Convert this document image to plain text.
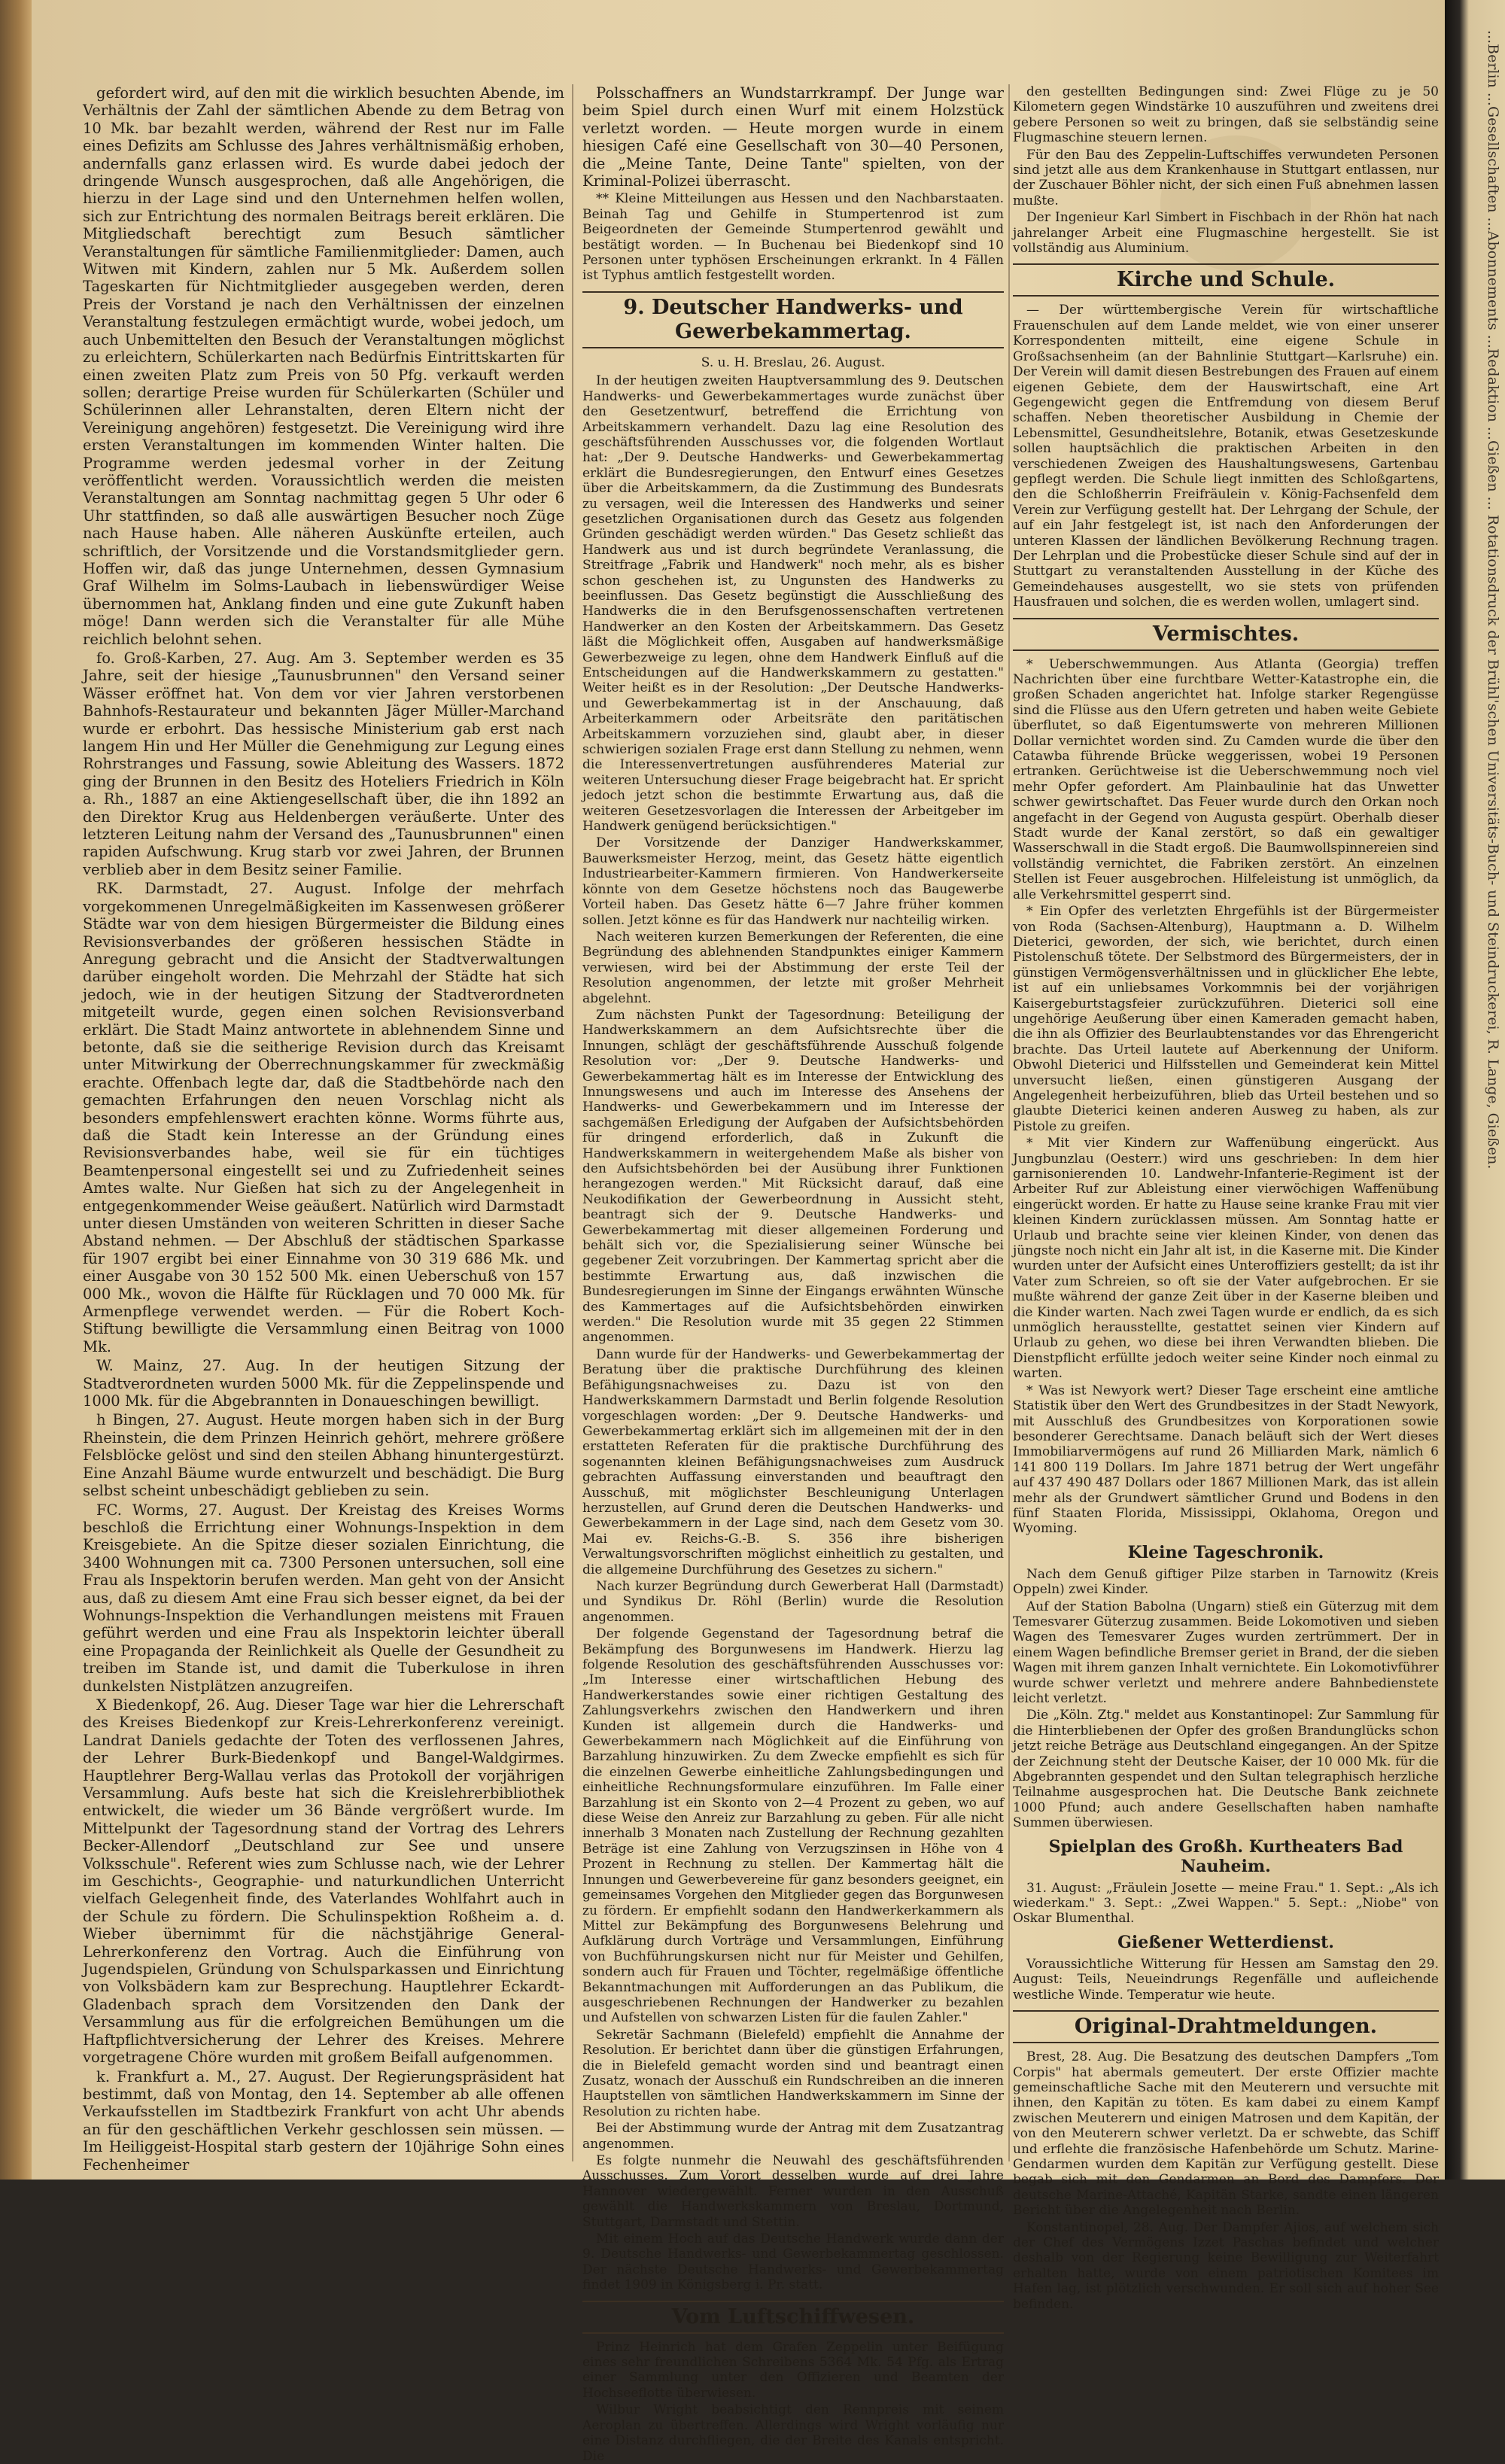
...Berlin ...Gesellschaften ...Abonnements ...Redaktion ...Gießen ... Rotationsdruck der Brühl'schen Universitäts-Buch- und Steindruckerei, R. Lange, Gießen.

gefordert wird, auf den mit die wirklich besuchten Abende, im Verhältnis der Zahl der sämtlichen Abende zu dem Betrag von 10 Mk. bar bezahlt werden, während der Rest nur im Falle eines Defizits am Schlusse des Jahres verhältnismäßig erhoben, andernfalls ganz erlassen wird. Es wurde dabei jedoch der dringende Wunsch ausgesprochen, daß alle Angehörigen, die hierzu in der Lage sind und den Unternehmen helfen wollen, sich zur Entrichtung des normalen Beitrags bereit erklären. Die Mitgliedschaft berechtigt zum Besuch sämtlicher Veranstaltungen für sämtliche Familienmitglieder: Damen, auch Witwen mit Kindern, zahlen nur 5 Mk. Außerdem sollen Tageskarten für Nichtmitglieder ausgegeben werden, deren Preis der Vorstand je nach den Verhältnissen der einzelnen Veranstaltung festzulegen ermächtigt wurde, wobei jedoch, um auch Unbemittelten den Besuch der Veranstaltungen möglichst zu erleichtern, Schülerkarten nach Bedürfnis Eintrittskarten für einen zweiten Platz zum Preis von 50 Pfg. verkauft werden sollen; derartige Preise wurden für Schülerkarten (Schüler und Schülerinnen aller Lehranstalten, deren Eltern nicht der Vereinigung angehören) festgesetzt. Die Vereinigung wird ihre ersten Veranstaltungen im kommenden Winter halten. Die Programme werden jedesmal vorher in der Zeitung veröffentlicht werden. Voraussichtlich werden die meisten Veranstaltungen am Sonntag nachmittag gegen 5 Uhr oder 6 Uhr stattfinden, so daß alle auswärtigen Besucher noch Züge nach Hause haben. Alle näheren Auskünfte erteilen, auch schriftlich, der Vorsitzende und die Vorstandsmitglieder gern. Hoffen wir, daß das junge Unternehmen, dessen Gymnasium Graf Wilhelm im Solms-Laubach in liebenswürdiger Weise übernommen hat, Anklang finden und eine gute Zukunft haben möge! Dann werden sich die Veranstalter für alle Mühe reichlich belohnt sehen.

fo. Groß-Karben, 27. Aug. Am 3. September werden es 35 Jahre, seit der hiesige „Taunusbrunnen" den Versand seiner Wässer eröffnet hat. Von dem vor vier Jahren verstorbenen Bahnhofs-Restaurateur und bekannten Jäger Müller-Marchand wurde er erbohrt. Das hessische Ministerium gab erst nach langem Hin und Her Müller die Genehmigung zur Legung eines Rohrstranges und Fassung, sowie Ableitung des Wassers. 1872 ging der Brunnen in den Besitz des Hoteliers Friedrich in Köln a. Rh., 1887 an eine Aktiengesellschaft über, die ihn 1892 an den Direktor Krug aus Heldenbergen veräußerte. Unter des letzteren Leitung nahm der Versand des „Taunusbrunnen" einen rapiden Aufschwung. Krug starb vor zwei Jahren, der Brunnen verblieb aber in dem Besitz seiner Familie.

RK. Darmstadt, 27. August. Infolge der mehrfach vorgekommenen Unregelmäßigkeiten im Kassenwesen größerer Städte war von dem hiesigen Bürgermeister die Bildung eines Revisionsverbandes der größeren hessischen Städte in Anregung gebracht und die Ansicht der Stadtverwaltungen darüber eingeholt worden. Die Mehrzahl der Städte hat sich jedoch, wie in der heutigen Sitzung der Stadtverordneten mitgeteilt wurde, gegen einen solchen Revisionsverband erklärt. Die Stadt Mainz antwortete in ablehnendem Sinne und betonte, daß sie die seitherige Revision durch das Kreisamt unter Mitwirkung der Oberrechnungskammer für zweckmäßig erachte. Offenbach legte dar, daß die Stadtbehörde nach den gemachten Erfahrungen den neuen Vorschlag nicht als besonders empfehlenswert erachten könne. Worms führte aus, daß die Stadt kein Interesse an der Gründung eines Revisionsverbandes habe, weil sie für ein tüchtiges Beamtenpersonal eingestellt sei und zu Zufriedenheit seines Amtes walte. Nur Gießen hat sich zu der Angelegenheit in entgegenkommender Weise geäußert. Natürlich wird Darmstadt unter diesen Umständen von weiteren Schritten in dieser Sache Abstand nehmen. — Der Abschluß der städtischen Sparkasse für 1907 ergibt bei einer Einnahme von 30 319 686 Mk. und einer Ausgabe von 30 152 500 Mk. einen Ueberschuß von 157 000 Mk., wovon die Hälfte für Rücklagen und 70 000 Mk. für Armenpflege verwendet werden. — Für die Robert Koch-Stiftung bewilligte die Versammlung einen Beitrag von 1000 Mk.

W. Mainz, 27. Aug. In der heutigen Sitzung der Stadtverordneten wurden 5000 Mk. für die Zeppelinspende und 1000 Mk. für die Abgebrannten in Donaueschingen bewilligt.

h Bingen, 27. August. Heute morgen haben sich in der Burg Rheinstein, die dem Prinzen Heinrich gehört, mehrere größere Felsblöcke gelöst und sind den steilen Abhang hinuntergestürzt. Eine Anzahl Bäume wurde entwurzelt und beschädigt. Die Burg selbst scheint unbeschädigt geblieben zu sein.

FC. Worms, 27. August. Der Kreistag des Kreises Worms beschloß die Errichtung einer Wohnungs-Inspektion in dem Kreisgebiete. An die Spitze dieser sozialen Einrichtung, die 3400 Wohnungen mit ca. 7300 Personen untersuchen, soll eine Frau als Inspektorin berufen werden. Man geht von der Ansicht aus, daß zu diesem Amt eine Frau sich besser eignet, da bei der Wohnungs-Inspektion die Verhandlungen meistens mit Frauen geführt werden und eine Frau als Inspektorin leichter überall eine Propaganda der Reinlichkeit als Quelle der Gesundheit zu treiben im Stande ist, und damit die Tuberkulose in ihren dunkelsten Nistplätzen anzugreifen.

X Biedenkopf, 26. Aug. Dieser Tage war hier die Lehrerschaft des Kreises Biedenkopf zur Kreis-Lehrerkonferenz vereinigt. Landrat Daniels gedachte der Toten des verflossenen Jahres, der Lehrer Burk-Biedenkopf und Bangel-Waldgirmes. Hauptlehrer Berg-Wallau verlas das Protokoll der vorjährigen Versammlung. Aufs beste hat sich die Kreislehrerbibliothek entwickelt, die wieder um 36 Bände vergrößert wurde. Im Mittelpunkt der Tagesordnung stand der Vortrag des Lehrers Becker-Allendorf „Deutschland zur See und unsere Volksschule". Referent wies zum Schlusse nach, wie der Lehrer im Geschichts-, Geographie- und naturkundlichen Unterricht vielfach Gelegenheit finde, des Vaterlandes Wohlfahrt auch in der Schule zu fördern. Die Schulinspektion Roßheim a. d. Wieber übernimmt für die nächstjährige General-Lehrerkonferenz den Vortrag. Auch die Einführung von Jugendspielen, Gründung von Schulsparkassen und Einrichtung von Volksbädern kam zur Besprechung. Hauptlehrer Eckardt-Gladenbach sprach dem Vorsitzenden den Dank der Versammlung aus für die erfolgreichen Bemühungen um die Haftpflichtversicherung der Lehrer des Kreises. Mehrere vorgetragene Chöre wurden mit großem Beifall aufgenommen.

k. Frankfurt a. M., 27. August. Der Regierungspräsident hat bestimmt, daß von Montag, den 14. September ab alle offenen Verkaufsstellen im Stadtbezirk Frankfurt von acht Uhr abends an für den geschäftlichen Verkehr geschlossen sein müssen. — Im Heiliggeist-Hospital starb gestern der 10jährige Sohn eines Fechenheimer

Polsschaffners an Wundstarrkrampf. Der Junge war beim Spiel durch einen Wurf mit einem Holzstück verletzt worden. — Heute morgen wurde in einem hiesigen Café eine Gesellschaft von 30—40 Personen, die „Meine Tante, Deine Tante" spielten, von der Kriminal-Polizei überrascht.

** Kleine Mitteilungen aus Hessen und den Nachbarstaaten. Beinah Tag und Gehilfe in Stumpertenrod ist zum Beigeordneten der Gemeinde Stumpertenrod gewählt und bestätigt worden. — In Buchenau bei Biedenkopf sind 10 Personen unter typhösen Erscheinungen erkrankt. In 4 Fällen ist Typhus amtlich festgestellt worden.

9. Deutscher Handwerks- und Gewerbekammertag.

S. u. H. Breslau, 26. August.

In der heutigen zweiten Hauptversammlung des 9. Deutschen Handwerks- und Gewerbekammertages wurde zunächst über den Gesetzentwurf, betreffend die Errichtung von Arbeitskammern verhandelt. Dazu lag eine Resolution des geschäftsführenden Ausschusses vor, die folgenden Wortlaut hat: „Der 9. Deutsche Handwerks- und Gewerbekammertag erklärt die Bundesregierungen, den Entwurf eines Gesetzes über die Arbeitskammern, da die Zustimmung des Bundesrats zu versagen, weil die Interessen des Handwerks und seiner gesetzlichen Organisationen durch das Gesetz aus folgenden Gründen geschädigt werden würden." Das Gesetz schließt das Handwerk aus und ist durch begründete Veranlassung, die Streitfrage „Fabrik und Handwerk" noch mehr, als es bisher schon geschehen ist, zu Ungunsten des Handwerks zu beeinflussen. Das Gesetz begünstigt die Ausschließung des Handwerks die in den Berufsgenossenschaften vertretenen Handwerker an den Kosten der Arbeitskammern. Das Gesetz läßt die Möglichkeit offen, Ausgaben auf handwerksmäßige Gewerbezweige zu legen, ohne dem Handwerk Einfluß auf die Entscheidungen auf die Handwerkskammern zu gestatten." Weiter heißt es in der Resolution: „Der Deutsche Handwerks- und Gewerbekammertag ist in der Anschauung, daß Arbeiterkammern oder Arbeitsräte den paritätischen Arbeitskammern vorzuziehen sind, glaubt aber, in dieser schwierigen sozialen Frage erst dann Stellung zu nehmen, wenn die Interessenvertretungen ausführenderes Material zur weiteren Untersuchung dieser Frage beigebracht hat. Er spricht jedoch jetzt schon die bestimmte Erwartung aus, daß die weiteren Gesetzesvorlagen die Interessen der Arbeitgeber im Handwerk genügend berücksichtigen."

Der Vorsitzende der Danziger Handwerkskammer, Bauwerksmeister Herzog, meint, das Gesetz hätte eigentlich Industriearbeiter-Kammern firmieren. Von Handwerkerseite könnte von dem Gesetze höchstens noch das Baugewerbe Vorteil haben. Das Gesetz hätte 6—7 Jahre früher kommen sollen. Jetzt könne es für das Handwerk nur nachteilig wirken.

Nach weiteren kurzen Bemerkungen der Referenten, die eine Begründung des ablehnenden Standpunktes einiger Kammern verwiesen, wird bei der Abstimmung der erste Teil der Resolution angenommen, der letzte mit großer Mehrheit abgelehnt.

Zum nächsten Punkt der Tagesordnung: Beteiligung der Handwerkskammern an dem Aufsichtsrechte über die Innungen, schlägt der geschäftsführende Ausschuß folgende Resolution vor: „Der 9. Deutsche Handwerks- und Gewerbekammertag hält es im Interesse der Entwicklung des Innungswesens und auch im Interesse des Ansehens der Handwerks- und Gewerbekammern und im Interesse der sachgemäßen Erledigung der Aufgaben der Aufsichtsbehörden für dringend erforderlich, daß in Zukunft die Handwerkskammern in weitergehendem Maße als bisher von den Aufsichtsbehörden bei der Ausübung ihrer Funktionen herangezogen werden." Mit Rücksicht darauf, daß eine Neukodifikation der Gewerbeordnung in Aussicht steht, beantragt sich der 9. Deutsche Handwerks- und Gewerbekammertag mit dieser allgemeinen Forderung und behält sich vor, die Spezialisierung seiner Wünsche bei gegebener Zeit vorzubringen. Der Kammertag spricht aber die bestimmte Erwartung aus, daß inzwischen die Bundesregierungen im Sinne der Eingangs erwähnten Wünsche des Kammertages auf die Aufsichtsbehörden einwirken werden." Die Resolution wurde mit 35 gegen 22 Stimmen angenommen.

Dann wurde für der Handwerks- und Gewerbekammertag der Beratung über die praktische Durchführung des kleinen Befähigungsnachweises zu. Dazu ist von den Handwerkskammern Darmstadt und Berlin folgende Resolution vorgeschlagen worden: „Der 9. Deutsche Handwerks- und Gewerbekammertag erklärt sich im allgemeinen mit der in den erstatteten Referaten für die praktische Durchführung des sogenannten kleinen Befähigungsnachweises zum Ausdruck gebrachten Auffassung einverstanden und beauftragt den Ausschuß, mit möglichster Beschleunigung Unterlagen herzustellen, auf Grund deren die Deutschen Handwerks- und Gewerbekammern in der Lage sind, nach dem Gesetz vom 30. Mai ev. Reichs-G.-B. S. 356 ihre bisherigen Verwaltungsvorschriften möglichst einheitlich zu gestalten, und die allgemeine Durchführung des Gesetzes zu sichern."

Nach kurzer Begründung durch Gewerberat Hall (Darmstadt) und Syndikus Dr. Röhl (Berlin) wurde die Resolution angenommen.

Der folgende Gegenstand der Tagesordnung betraf die Bekämpfung des Borgunwesens im Handwerk. Hierzu lag folgende Resolution des geschäftsführenden Ausschusses vor: „Im Interesse einer wirtschaftlichen Hebung des Handwerkerstandes sowie einer richtigen Gestaltung des Zahlungsverkehrs zwischen den Handwerkern und ihren Kunden ist allgemein durch die Handwerks- und Gewerbekammern nach Möglichkeit auf die Einführung von Barzahlung hinzuwirken. Zu dem Zwecke empfiehlt es sich für die einzelnen Gewerbe einheitliche Zahlungsbedingungen und einheitliche Rechnungsformulare einzuführen. Im Falle einer Barzahlung ist ein Skonto von 2—4 Prozent zu geben, wo auf diese Weise den Anreiz zur Barzahlung zu geben. Für alle nicht innerhalb 3 Monaten nach Zustellung der Rechnung gezahlten Beträge ist eine Zahlung von Verzugszinsen in Höhe von 4 Prozent in Rechnung zu stellen. Der Kammertag hält die Innungen und Gewerbevereine für ganz besonders geeignet, ein gemeinsames Vorgehen den Mitglieder gegen das Borgunwesen zu fördern. Er empfiehlt sodann den Handwerkerkammern als Mittel zur Bekämpfung des Borgunwesens Belehrung und Aufklärung durch Vorträge und Versammlungen, Einführung von Buchführungskursen nicht nur für Meister und Gehilfen, sondern auch für Frauen und Töchter, regelmäßige öffentliche Bekanntmachungen mit Aufforderungen an das Publikum, die ausgeschriebenen Rechnungen der Handwerker zu bezahlen und Aufstellen von schwarzen Listen für die faulen Zahler."

Sekretär Sachmann (Bielefeld) empfiehlt die Annahme der Resolution. Er berichtet dann über die günstigen Erfahrungen, die in Bielefeld gemacht worden sind und beantragt einen Zusatz, wonach der Ausschuß ein Rundschreiben an die inneren Hauptstellen von sämtlichen Handwerkskammern im Sinne der Resolution zu richten habe.

Bei der Abstimmung wurde der Antrag mit dem Zusatzantrag angenommen.

Es folgte nunmehr die Neuwahl des geschäftsführenden Ausschusses. Zum Vorort desselben wurde auf drei Jahre Hannover wiedergewählt. Ferner wurden in den Ausschuß gewählt die Handwerkskammern von Breslau, Dortmund, Stuttgart, Darmstadt und Stettin.

Mit einem Hoch auf das Deutsche Handwerk wurde dann der 9. Deutsche Handwerks- und Gewerbekammertag geschlossen. Der nächste Deutsche Handwerks- und Gewerbekammertag findet 1909 in Königsberg i. Pr. statt.

Vom Luftschiffwesen.

Prinz Heinrich hat dem Grafen Zeppelin unter Beifügung eines sehr freundlichen Schreibens 5364 Mk. 54 Pfg. als Ertrag einer Sammlung unter den Offizieren und Beamten der Hochseeflotte überwiesen.

Wilbur Wright beabsichtigt den Rennpreis mit seinem Aeroplan zu übertreffen. Allerdings wird Wright vorläufig nur eine Distanz durchfliegen, die der Breite des Kanals entspricht. Die

den gestellten Bedingungen sind: Zwei Flüge zu je 50 Kilometern gegen Windstärke 10 auszuführen und zweitens drei gebere Personen so weit zu bringen, daß sie selbständig seine Flugmaschine steuern lernen.

Für den Bau des Zeppelin-Luftschiffes verwundeten Personen sind jetzt alle aus dem Krankenhause in Stuttgart entlassen, nur der Zuschauer Böhler nicht, der sich einen Fuß abnehmen lassen mußte.

Der Ingenieur Karl Simbert in Fischbach in der Rhön hat nach jahrelanger Arbeit eine Flugmaschine hergestellt. Sie ist vollständig aus Aluminium.

Kirche und Schule.

— Der württembergische Verein für wirtschaftliche Frauenschulen auf dem Lande meldet, wie von einer unserer Korrespondenten mitteilt, eine eigene Schule in Großsachsenheim (an der Bahnlinie Stuttgart—Karlsruhe) ein. Der Verein will damit diesen Bestrebungen des Frauen auf einem eigenen Gebiete, dem der Hauswirtschaft, eine Art Gegengewicht gegen die Entfremdung von diesem Beruf schaffen. Neben theoretischer Ausbildung in Chemie der Lebensmittel, Gesundheitslehre, Botanik, etwas Gesetzeskunde sollen hauptsächlich die praktischen Arbeiten in den verschiedenen Zweigen des Haushaltungswesens, Gartenbau gepflegt werden. Die Schule liegt inmitten des Schloßgartens, den die Schloßherrin Freifräulein v. König-Fachsenfeld dem Verein zur Verfügung gestellt hat. Der Lehrgang der Schule, der auf ein Jahr festgelegt ist, ist nach den Anforderungen der unteren Klassen der ländlichen Bevölkerung Rechnung tragen. Der Lehrplan und die Probestücke dieser Schule sind auf der in Stuttgart zu veranstaltenden Ausstellung in der Küche des Gemeindehauses ausgestellt, wo sie stets von prüfenden Hausfrauen und solchen, die es werden wollen, umlagert sind.

Vermischtes.

* Ueberschwemmungen. Aus Atlanta (Georgia) treffen Nachrichten über eine furchtbare Wetter-Katastrophe ein, die großen Schaden angerichtet hat. Infolge starker Regengüsse sind die Flüsse aus den Ufern getreten und haben weite Gebiete überflutet, so daß Eigentumswerte von mehreren Millionen Dollar vernichtet worden sind. Zu Camden wurde die über den Catawba führende Brücke weggerissen, wobei 19 Personen ertranken. Gerüchtweise ist die Ueberschwemmung noch viel mehr Opfer gefordert. Am Plainbaulinie hat das Unwetter schwer gewirtschaftet. Das Feuer wurde durch den Orkan noch angefacht in der Gegend von Augusta gespürt. Oberhalb dieser Stadt wurde der Kanal zerstört, so daß ein gewaltiger Wasserschwall in die Stadt ergoß. Die Baumwollspinnereien sind vollständig vernichtet, die Fabriken zerstört. An einzelnen Stellen ist Feuer ausgebrochen. Hilfeleistung ist unmöglich, da alle Verkehrsmittel gesperrt sind.

* Ein Opfer des verletzten Ehrgefühls ist der Bürgermeister von Roda (Sachsen-Altenburg), Hauptmann a. D. Wilhelm Dieterici, geworden, der sich, wie berichtet, durch einen Pistolenschuß tötete. Der Selbstmord des Bürgermeisters, der in günstigen Vermögensverhältnissen und in glücklicher Ehe lebte, ist auf ein unliebsames Vorkommnis bei der vorjährigen Kaisergeburtstagsfeier zurückzuführen. Dieterici soll eine ungehörige Aeußerung über einen Kameraden gemacht haben, die ihn als Offizier des Beurlaubtenstandes vor das Ehrengericht brachte. Das Urteil lautete auf Aberkennung der Uniform. Obwohl Dieterici und Hilfsstellen und Gemeinderat kein Mittel unversucht ließen, einen günstigeren Ausgang der Angelegenheit herbeizuführen, blieb das Urteil bestehen und so glaubte Dieterici keinen anderen Ausweg zu haben, als zur Pistole zu greifen.

* Mit vier Kindern zur Waffenübung eingerückt. Aus Jungbunzlau (Oesterr.) wird uns geschrieben: In dem hier garnisonierenden 10. Landwehr-Infanterie-Regiment ist der Arbeiter Ruf zur Ableistung einer vierwöchigen Waffenübung eingerückt worden. Er hatte zu Hause seine kranke Frau mit vier kleinen Kindern zurücklassen müssen. Am Sonntag hatte er Urlaub und brachte seine vier kleinen Kinder, von denen das jüngste noch nicht ein Jahr alt ist, in die Kaserne mit. Die Kinder wurden unter der Aufsicht eines Unteroffiziers gestellt; da ist ihr Vater zum Schreien, so oft sie der Vater aufgebrochen. Er sie mußte während der ganze Zeit über in der Kaserne bleiben und die Kinder warten. Nach zwei Tagen wurde er endlich, da es sich unmöglich herausstellte, gestattet seinen vier Kindern auf Urlaub zu gehen, wo diese bei ihren Verwandten blieben. Die Dienstpflicht erfüllte jedoch weiter seine Kinder noch einmal zu warten.

* Was ist Newyork wert? Dieser Tage erscheint eine amtliche Statistik über den Wert des Grundbesitzes in der Stadt Newyork, mit Ausschluß des Grundbesitzes von Korporationen sowie besonderer Gerechtsame. Danach beläuft sich der Wert dieses Immobiliarvermögens auf rund 26 Milliarden Mark, nämlich 6 141 800 119 Dollars. Im Jahre 1871 betrug der Wert ungefähr auf 437 490 487 Dollars oder 1867 Millionen Mark, das ist allein mehr als der Grundwert sämtlicher Grund und Bodens in den fünf Staaten Florida, Mississippi, Oklahoma, Oregon und Wyoming.

Kleine Tageschronik.

Nach dem Genuß giftiger Pilze starben in Tarnowitz (Kreis Oppeln) zwei Kinder.

Auf der Station Babolna (Ungarn) stieß ein Güterzug mit dem Temesvarer Güterzug zusammen. Beide Lokomotiven und sieben Wagen des Temesvarer Zuges wurden zertrümmert. Der in einem Wagen befindliche Bremser geriet in Brand, der die sieben Wagen mit ihrem ganzen Inhalt vernichtete. Ein Lokomotivführer wurde schwer verletzt und mehrere andere Bahnbedienstete leicht verletzt.

Die „Köln. Ztg." meldet aus Konstantinopel: Zur Sammlung für die Hinterbliebenen der Opfer des großen Brandunglücks schon jetzt reiche Beträge aus Deutschland eingegangen. An der Spitze der Zeichnung steht der Deutsche Kaiser, der 10 000 Mk. für die Abgebrannten gespendet und den Sultan telegraphisch herzliche Teilnahme ausgesprochen hat. Die Deutsche Bank zeichnete 1000 Pfund; auch andere Gesellschaften haben namhafte Summen überwiesen.

Spielplan des Großh. Kurtheaters Bad Nauheim.

31. August: „Fräulein Josette — meine Frau." 1. Sept.: „Als ich wiederkam." 3. Sept.: „Zwei Wappen." 5. Sept.: „Niobe" von Oskar Blumenthal.

Gießener Wetterdienst.

Voraussichtliche Witterung für Hessen am Samstag den 29. August: Teils, Neueindrungs Regenfälle und aufleichende westliche Winde. Temperatur wie heute.

Original-Drahtmeldungen.

Brest, 28. Aug. Die Besatzung des deutschen Dampfers „Tom Corpis" hat abermals gemeutert. Der erste Offizier machte gemeinschaftliche Sache mit den Meuterern und versuchte mit ihnen, den Kapitän zu töten. Es kam dabei zu einem Kampf zwischen Meuterern und einigen Matrosen und dem Kapitän, der von den Meuterern schwer verletzt. Da er schwebte, das Schiff und erflehte die französische Hafenbehörde um Schutz. Marine-Gendarmen wurden dem Kapitän zur Verfügung gestellt. Diese begab sich mit den Gendarmen an Bord des Dampfers. Der deutsche Marine-Attaché, Kapitän Starke, sandte einen längeren Bericht über die Angelegenheit nach Berlin.

Konstantinopel, 28. Aug. Der Dampfer Ajios, auf welchem sich der Chef des Vermögens Izzet Paschas befindet und welcher deshalb von der Regierung keine Bewilligung zur Weiterfahrt erhalten hatte, wurde von einem patriotischen Komitees im Hafen lag, ist plötzlich verschwunden. Er soll sich auf hoher See befinden.
